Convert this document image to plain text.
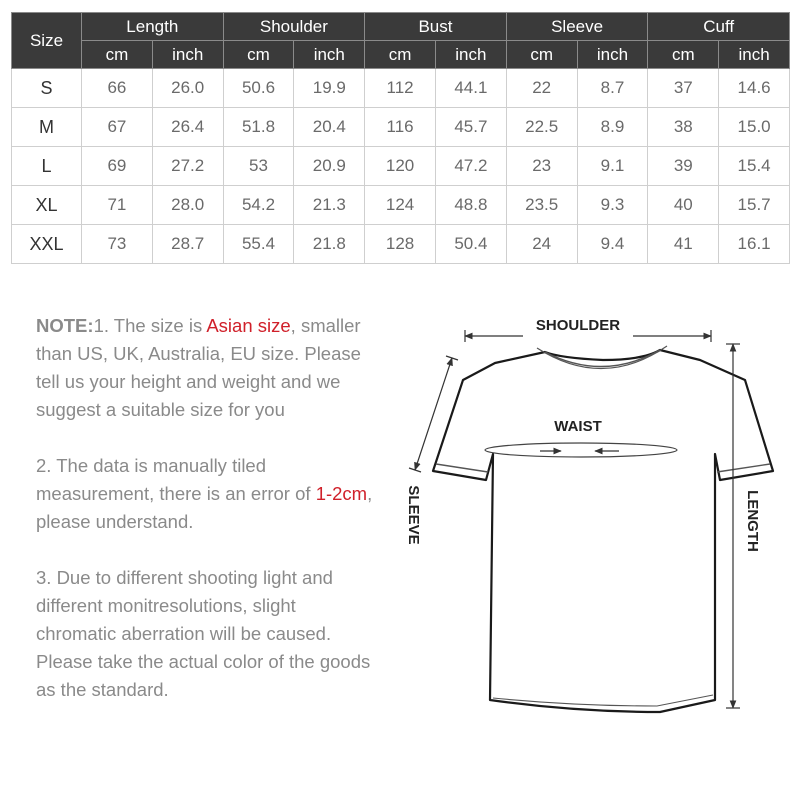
Size	Length		Shoulder		Bust		Sleeve		Cuff	
	cm	inch	cm	inch	cm	inch	cm	inch	cm	inch
S	66	26.0	50.6	19.9	112	44.1	22	8.7	37	14.6
M	67	26.4	51.8	20.4	116	45.7	22.5	8.9	38	15.0
L	69	27.2	53	20.9	120	47.2	23	9.1	39	15.4
XL	71	28.0	54.2	21.3	124	48.8	23.5	9.3	40	15.7
XXL	73	28.7	55.4	21.8	128	50.4	24	9.4	41	16.1

NOTE:1. The size is Asian size, smaller than US, UK, Australia, EU size. Please tell us your height and weight and we suggest a suitable size for you

2. The data is manually tiled measurement, there is an error of 1-2cm, please understand.

3. Due to different shooting light and different monitresolutions, slight chromatic aberration will be caused. Please take the actual color of the goods as the standard.

SHOULDER
WAIST
SLEEVE	LENGTH
